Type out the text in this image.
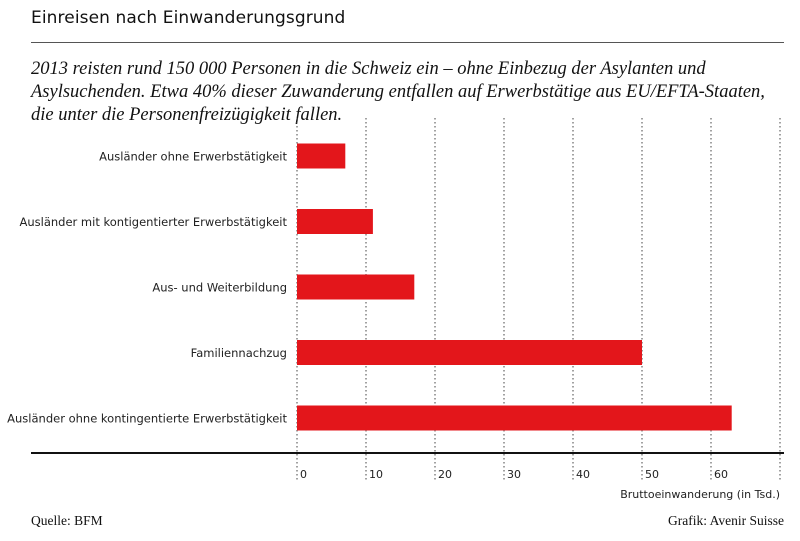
Einreisen nach Einwanderungsgrund
2013 reisten rund 150 000 Personen in die Schweiz ein – ohne Einbezug der Asylanten und Asylsuchenden. Etwa 40% dieser Zuwanderung entfallen auf Erwerbstätige aus EU/EFTA-Staaten, die unter die Personenfreizügigkeit fallen.
Ausländer ohne Erwerbstätigkeit
Ausländer mit kontigentierter Erwerbstätigkeit
Aus- und Weiterbildung
Familiennachzug
Ausländer ohne kontingentierte Erwerbstätigkeit
0	10	20	30	40	50	60
Bruttoeinwanderung (in Tsd.)
Quelle: BFM	Grafik: Avenir Suisse
